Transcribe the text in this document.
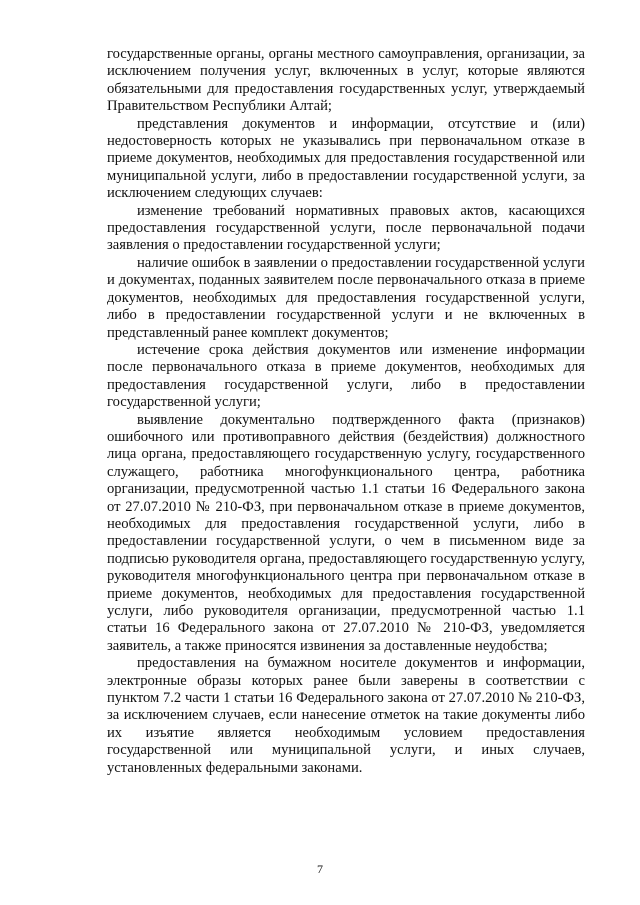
государственные органы, органы местного самоуправления, организации, за исключением получения услуг, включенных в услуг, которые являются обязательными для предоставления государственных услуг, утверждаемый Правительством Республики Алтай;

представления документов и информации, отсутствие и (или) недостоверность которых не указывались при первоначальном отказе в приеме документов, необходимых для предоставления государственной или муниципальной услуги, либо в предоставлении государственной услуги, за исключением следующих случаев:

изменение требований нормативных правовых актов, касающихся предоставления государственной услуги, после первоначальной подачи заявления о предоставлении государственной услуги;

наличие ошибок в заявлении о предоставлении государственной услуги и документах, поданных заявителем после первоначального отказа в приеме документов, необходимых для предоставления государственной услуги, либо в предоставлении государственной услуги и не включенных в представленный ранее комплект документов;

истечение срока действия документов или изменение информации после первоначального отказа в приеме документов, необходимых для предоставления государственной услуги, либо в предоставлении государственной услуги;

выявление документально подтвержденного факта (признаков) ошибочного или противоправного действия (бездействия) должностного лица органа, предоставляющего государственную услугу, государственного служащего, работника многофункционального центра, работника организации, предусмотренной частью 1.1 статьи 16 Федерального закона от 27.07.2010 № 210-ФЗ, при первоначальном отказе в приеме документов, необходимых для предоставления государственной услуги, либо в предоставлении государственной услуги, о чем в письменном виде за подписью руководителя органа, предоставляющего государственную услугу, руководителя многофункционального центра при первоначальном отказе в приеме документов, необходимых для предоставления государственной услуги, либо руководителя организации, предусмотренной частью 1.1 статьи 16 Федерального закона от 27.07.2010 № 210-ФЗ, уведомляется заявитель, а также приносятся извинения за доставленные неудобства;

предоставления на бумажном носителе документов и информации, электронные образы которых ранее были заверены в соответствии с пунктом 7.2 части 1 статьи 16 Федерального закона от 27.07.2010 № 210-ФЗ, за исключением случаев, если нанесение отметок на такие документы либо их изъятие является необходимым условием предоставления государственной или муниципальной услуги, и иных случаев, установленных федеральными законами.

7
